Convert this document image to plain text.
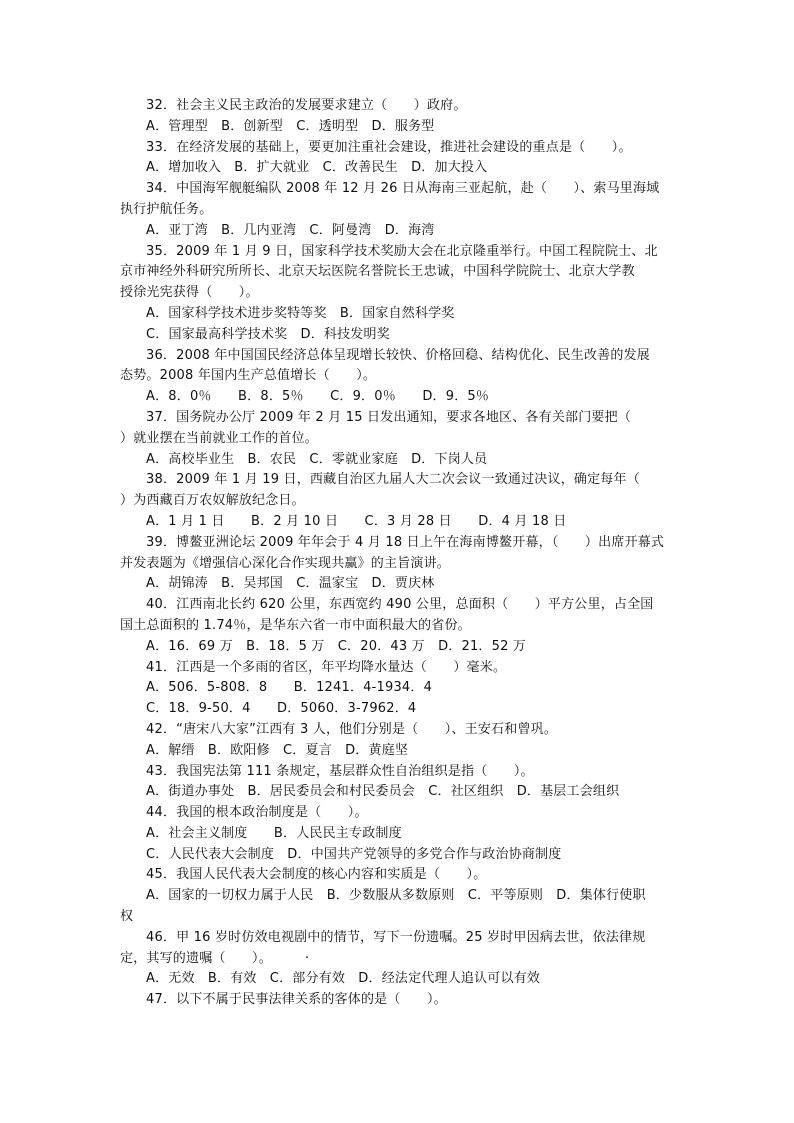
32．社会主义民主政治的发展要求建立（　　）政府。
A．管理型　B．创新型　C．透明型　D．服务型
33．在经济发展的基础上，要更加注重社会建设，推进社会建设的重点是（　　）。
A．增加收入　B．扩大就业　C．改善民生　D．加大投入
34．中国海军舰艇编队 2008 年 12 月 26 日从海南三亚起航，赴（　　）、索马里海域
执行护航任务。
A．亚丁湾　B．几内亚湾　C．阿曼湾　D．海湾
35．2009 年 1 月 9 日，国家科学技术奖励大会在北京隆重举行。中国工程院院士、北
京市神经外科研究所所长、北京天坛医院名誉院长王忠诚，中国科学院院士、北京大学教
授徐光宪获得（　　）。
A．国家科学技术进步奖特等奖　B．国家自然科学奖
C．国家最高科学技术奖　D．科技发明奖
36．2008 年中国国民经济总体呈现增长较快、价格回稳、结构优化、民生改善的发展
态势。2008 年国内生产总值增长（　　）。
A．8．0％　　B．8．5％　　C．9．0％　　D．9．5％
37．国务院办公厅 2009 年 2 月 15 日发出通知，要求各地区、各有关部门要把（
）就业摆在当前就业工作的首位。
A．高校毕业生　B．农民　C．零就业家庭　D．下岗人员
38．2009 年 1 月 19 日，西藏自治区九届人大二次会议一致通过决议，确定每年（
）为西藏百万农奴解放纪念日。
A．1 月 1 日　　B．2 月 10 日　　C．3 月 28 日　　D．4 月 18 日
39．博鳌亚洲论坛 2009 年年会于 4 月 18 日上午在海南博鳌开幕，（　　）出席开幕式
并发表题为《增强信心深化合作实现共赢》的主旨演讲。
A．胡锦涛　B．吴邦国　C．温家宝　D．贾庆林
40．江西南北长约 620 公里，东西宽约 490 公里，总面积（　　）平方公里，占全国
国土总面积的 1.74％，是华东六省一市中面积最大的省份。
A．16．69 万　B．18．5 万　C．20．43 万　D．21．52 万
41．江西是一个多雨的省区，年平均降水量达（　　）毫米。
A．506．5-808．8　　B．1241．4-1934．4
C．18．9-50．4　　D．5060．3-7962．4
42．“唐宋八大家”江西有 3 人，他们分别是（　　）、王安石和曾巩。
A．解缙　B．欧阳修　C．夏言　D．黄庭坚
43．我国宪法第 111 条规定，基层群众性自治组织是指（　　）。
A．街道办事处　B．居民委员会和村民委员会　C．社区组织　D．基层工会组织
44．我国的根本政治制度是（　　）。
A．社会主义制度　　B．人民民主专政制度
C．人民代表大会制度　D．中国共产党领导的多党合作与政治协商制度
45．我国人民代表大会制度的核心内容和实质是（　　）。
A．国家的一切权力属于人民　B．少数服从多数原则　C．平等原则　D．集体行使职
权
46．甲 16 岁时仿效电视剧中的情节，写下一份遗嘱。25 岁时甲因病去世，依法律规
定，其写的遗嘱（　　）。　　　·
A．无效　B．有效　C．部分有效　D．经法定代理人追认可以有效
47．以下不属于民事法律关系的客体的是（　　）。
